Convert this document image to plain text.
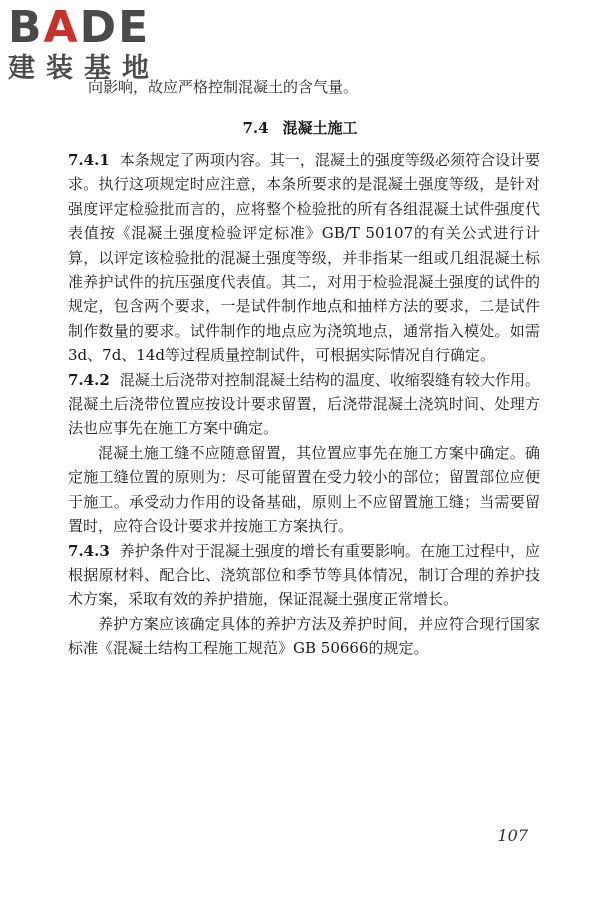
BADE
建装基地
向影响，故应严格控制混凝土的含气量。
7.4 混凝土施工

7.4.1 本条规定了两项内容。其一，混凝土的强度等级必须符合设计要求。执行这项规定时应注意，本条所要求的是混凝土强度等级，是针对强度评定检验批而言的，应将整个检验批的所有各组混凝土试件强度代表值按《混凝土强度检验评定标准》GB/T 50107的有关公式进行计算，以评定该检验批的混凝土强度等级，并非指某一组或几组混凝土标准养护试件的抗压强度代表值。其二，对用于检验混凝土强度的试件的规定，包含两个要求，一是试件制作地点和抽样方法的要求，二是试件制作数量的要求。试件制作的地点应为浇筑地点，通常指入模处。如需3d、7d、14d等过程质量控制试件，可根据实际情况自行确定。

7.4.2 混凝土后浇带对控制混凝土结构的温度、收缩裂缝有较大作用。混凝土后浇带位置应按设计要求留置，后浇带混凝土浇筑时间、处理方法也应事先在施工方案中确定。

混凝土施工缝不应随意留置，其位置应事先在施工方案中确定。确定施工缝位置的原则为：尽可能留置在受力较小的部位；留置部位应便于施工。承受动力作用的设备基础，原则上不应留置施工缝；当需要留置时，应符合设计要求并按施工方案执行。

7.4.3 养护条件对于混凝土强度的增长有重要影响。在施工过程中，应根据原材料、配合比、浇筑部位和季节等具体情况，制订合理的养护技术方案，采取有效的养护措施，保证混凝土强度正常增长。

养护方案应该确定具体的养护方法及养护时间，并应符合现行国家标准《混凝土结构工程施工规范》GB 50666的规定。

107
